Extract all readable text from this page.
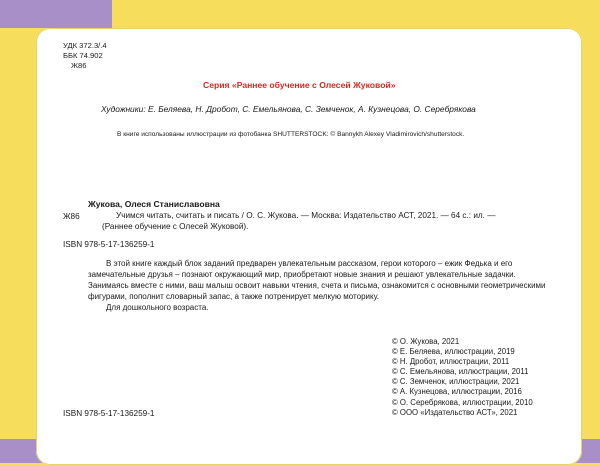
УДК 372.3/.4
ББК 74.902
Ж86
Серия «Раннее обучение с Олесей Жуковой»
Художники: Е. Беляева, Н. Дробот, С. Емельянова, С. Земченок, А. Кузнецова, О. Серебрякова
В книге использованы иллюстрации из фотобанка SHUTTERSTOCK: © Bannykh Alexey Vladimirovich/shutterstock.
Жукова, Олеся Станиславовна
Ж86	Учимся читать, считать и писать / О. С. Жукова. — Москва: Издательство АСТ, 2021. — 64 с.: ил. —
(Раннее обучение с Олесей Жуковой).
ISBN 978-5-17-136259-1

В этой книге каждый блок заданий предварен увлекательным рассказом, герои которого – ежик Федька и его замечательные друзья – познают окружающий мир, приобретают новые знания и решают увлекательные задачки. Занимаясь вместе с ними, ваш малыш освоит навыки чтения, счета и письма, ознакомится с основными геометрическими фигурами, пополнит словарный запас, а также потренирует мелкую моторику.

Для дошкольного возраста.

© О. Жукова, 2021
© Е. Беляева, иллюстрации, 2019
© Н. Дробот, иллюстрации, 2011
© С. Емельянова, иллюстрации, 2011
© С. Земченок, иллюстрации, 2021
© А. Кузнецова, иллюстрации, 2016
© О. Серебрякова, иллюстрации, 2010
© ООО «Издательство АСТ», 2021
ISBN 978-5-17-136259-1
